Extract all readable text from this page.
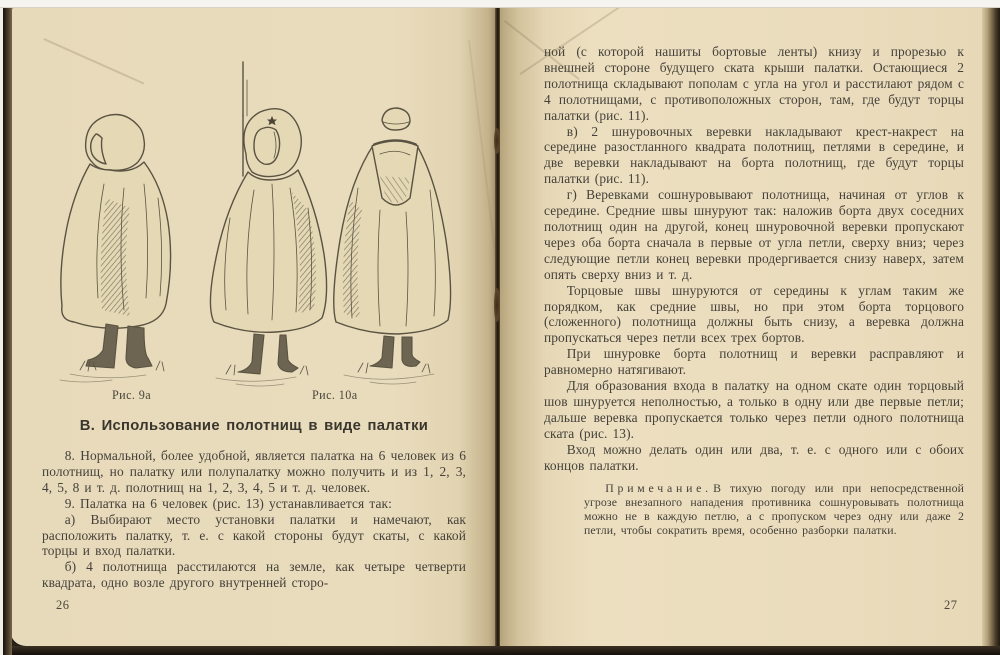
Рис. 9а	Рис. 10а
В. Использование полотнищ в виде палатки

8. Нормальной, более удобной, является палатка на 6 человек из 6 полотнищ, но палатку или полупалатку можно получить и из 1, 2, 3, 4, 5, 8 и т. д. полотнищ на 1, 2, 3, 4, 5 и т. д. человек.

9. Палатка на 6 человек (рис. 13) устанавливается так:

а) Выбирают место установки палатки и намечают, как расположить палатку, т. е. с какой стороны будут скаты, с какой торцы и вход палатки.

б) 4 полотнища расстилаются на земле, как четыре четверти квадрата, одно возле другого внутренней сторо-

26

ной (с которой нашиты бортовые ленты) книзу и прорезью к внешней стороне будущего ската крыши палатки. Остающиеся 2 полотнища складывают пополам с угла на угол и расстилают рядом с 4 полотнищами, с противоположных сторон, там, где будут торцы палатки (рис. 11).

в) 2 шнуровочных веревки накладывают крест-накрест на середине разостланного квадрата полотнищ, петлями в середине, и две веревки накладывают на борта полотнищ, где будут торцы палатки (рис. 11).

г) Веревками сошнуровывают полотнища, начиная от углов к середине. Средние швы шнуруют так: наложив борта двух соседних полотнищ один на другой, конец шнуровочной веревки пропускают через оба борта сначала в первые от угла петли, сверху вниз; через следующие петли конец веревки продергивается снизу наверх, затем опять сверху вниз и т. д.

Торцовые швы шнуруются от середины к углам таким же порядком, как средние швы, но при этом борта торцового (сложенного) полотнища должны быть снизу, а веревка должна пропускаться через петли всех трех бортов.

При шнуровке борта полотнищ и веревки расправляют и равномерно натягивают.

Для образования входа в палатку на одном скате один торцовый шов шнуруется неполностью, а только в одну или две первые петли; дальше веревка пропускается только через петли одного полотнища ската (рис. 13).

Вход можно делать один или два, т. е. с одного или с обоих концов палатки.

Примечание.В тихую погоду или при непосредственной угрозе внезапного нападения противника сошнуровывать полотнища можно не в каждую петлю, а с пропуском через одну или даже 2 петли, чтобы сократить время, особенно разборки палатки.

27
